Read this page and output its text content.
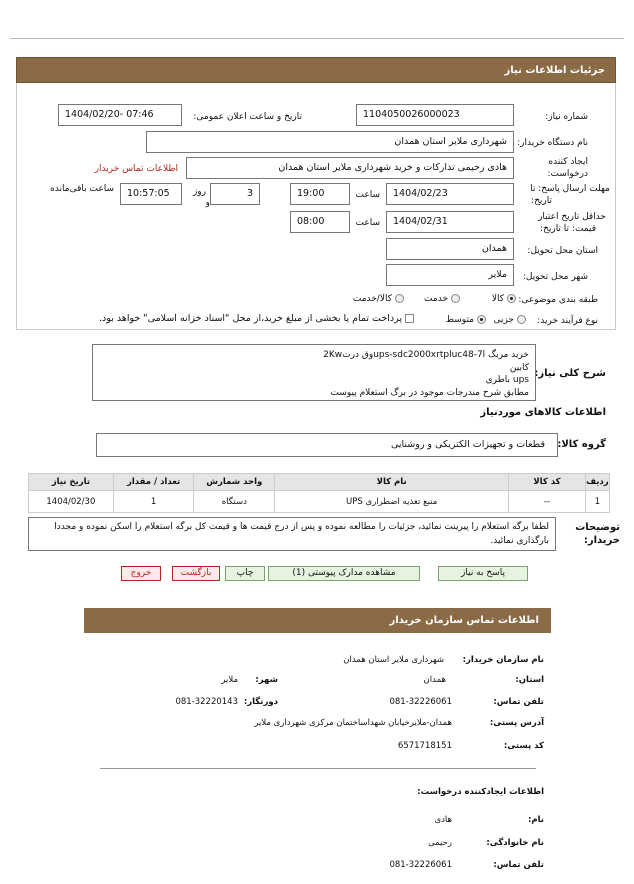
جزئیات اطلاعات نیاز
شماره نیاز:
1104050026000023
تاریخ و ساعت اعلان عمومی:
1404/02/20- 07:46
نام دستگاه خریدار:
شهرداری ملایر استان همدان
ایجاد کننده
درخواست:
هادی رحیمی تدارکات و خرید شهرداری ملایر استان همدان
اطلاعات تماس خریدار
مهلت ارسال پاسخ: تا
تاریخ:
1404/02/23
ساعت
19:00
3
روز
و
10:57:05
ساعت باقی‌مانده
حداقل تاریخ اعتبار
قیمت: تا تاریخ:
1404/02/31
ساعت
08:00
استان محل تحویل:
همدان
شهر محل تحویل:
ملایر
طبقه بندی موضوعی:
کالا
خدمت
کالا/خدمت
نوع فرآیند خرید:
جزیی
متوسط
پرداخت تمام یا بخشی از مبلغ خرید،از محل "اسناد خزانه اسلامی" خواهد بود.
شرح کلی نیاز:
خرید مربگ ا7-ups-sdc2000xrtpluc48وق درت2Kw
کابین
ups باطری
مطابق شرح مندرجات موجود در برگ استعلام پیوست
اطلاعات کالاهای موردنیاز
گروه کالا:
قطعات و تجهیزات الکتریکی و روشنایی
ردیف	کد کالا	نام کالا	واحد شمارش	تعداد / مقدار	تاریخ نیاز
1	--	منبع تغذیه اضطراری UPS	دستگاه	1	1404/02/30
توضیحات
خریدار:
لطفا برگه استعلام را پیرینت نمائید، جزئیات را مطالعه نموده و پس از درج قیمت ها و قیمت کل برگه استعلام را اسکن نموده و مجددا بارگذاری نمائید.
پاسخ به نیاز
مشاهده مدارک پیوستی (1)
چاپ
بازگشت
خروج
اطلاعات تماس سازمان خریدار
نام سازمان خریدار:
شهرداری ملایر استان همدان
استان:
همدان
شهر:
ملایر
تلفن تماس:
081-32226061
دورنگار:
081-32220143
آدرس پستی:
همدان-ملایرخیابان شهداساختمان مرکزی شهرداری ملایر
کد پستی:
6571718151
اطلاعات ایجادکننده درخواست:
نام:
هادی
نام خانوادگی:
رحیمی
تلفن تماس:
081-32226061
